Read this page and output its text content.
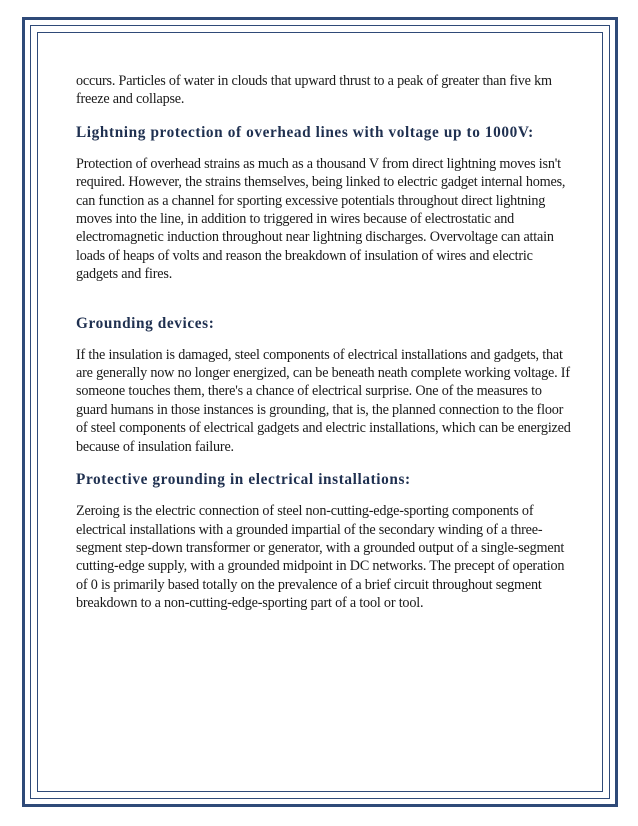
occurs. Particles of water in clouds that upward thrust to a peak of greater than five km freeze and collapse.

Lightning protection of overhead lines with voltage up to 1000V:

Protection of overhead strains as much as a thousand V from direct lightning moves isn't required. However, the strains themselves, being linked to electric gadget internal homes, can function as a channel for sporting excessive potentials throughout direct lightning moves into the line, in addition to triggered in wires because of electrostatic and electromagnetic induction throughout near lightning discharges. Overvoltage can attain loads of heaps of volts and reason the breakdown of insulation of wires and electric gadgets and fires.

Grounding devices:

If the insulation is damaged, steel components of electrical installations and gadgets, that are generally now no longer energized, can be beneath neath complete working voltage. If someone touches them, there's a chance of electrical surprise. One of the measures to guard humans in those instances is grounding, that is, the planned connection to the floor of steel components of electrical gadgets and electric installations, which can be energized because of insulation failure.

Protective grounding in electrical installations:

Zeroing is the electric connection of steel non-cutting-edge-sporting components of electrical installations with a grounded impartial of the secondary winding of a three-segment step-down transformer or generator, with a grounded output of a single-segment cutting-edge supply, with a grounded midpoint in DC networks. The precept of operation of 0 is primarily based totally on the prevalence of a brief circuit throughout segment breakdown to a non-cutting-edge-sporting part of a tool or tool.
